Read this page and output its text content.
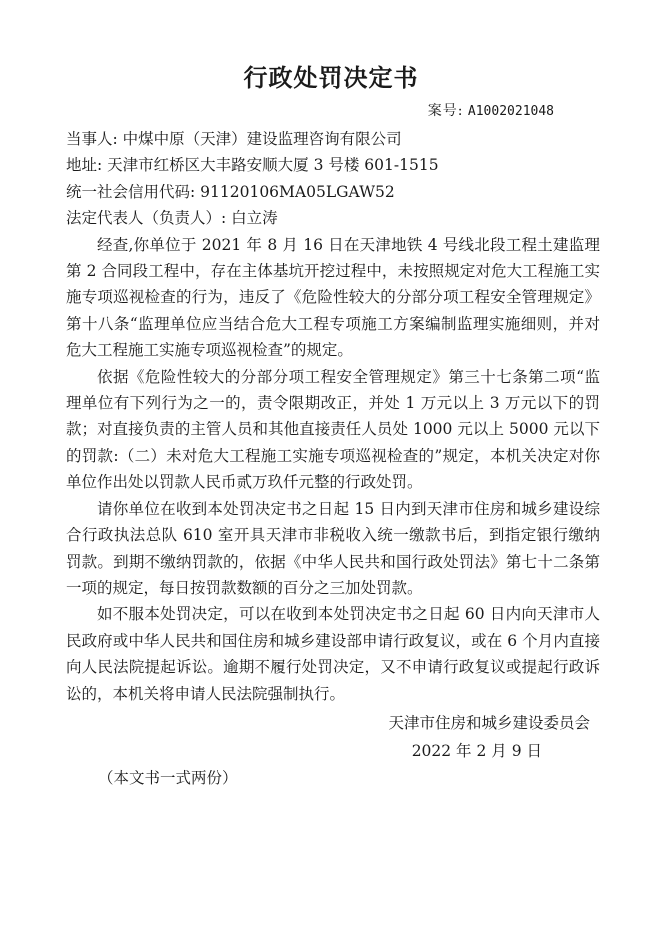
行政处罚决定书
案号: A1002021048
当事人: 中煤中原（天津）建设监理咨询有限公司
地址: 天津市红桥区大丰路安顺大厦 3 号楼 601-1515
统一社会信用代码: 91120106MA05LGAW52
法定代表人（负责人）: 白立涛
经查,你单位于 2021 年 8 月 16 日在天津地铁 4 号线北段工程土建监理第 2 合同段工程中，存在主体基坑开挖过程中，未按照规定对危大工程施工实施专项巡视检查的行为，违反了《危险性较大的分部分项工程安全管理规定》第十八条“监理单位应当结合危大工程专项施工方案编制监理实施细则，并对危大工程施工实施专项巡视检查”的规定。
依据《危险性较大的分部分项工程安全管理规定》第三十七条第二项“监理单位有下列行为之一的，责令限期改正，并处 1 万元以上 3 万元以下的罚款；对直接负责的主管人员和其他直接责任人员处 1000 元以上 5000 元以下的罚款:（二）未对危大工程施工实施专项巡视检查的”规定，本机关决定对你单位作出处以罚款人民币贰万玖仟元整的行政处罚。
请你单位在收到本处罚决定书之日起 15 日内到天津市住房和城乡建设综合行政执法总队 610 室开具天津市非税收入统一缴款书后，到指定银行缴纳罚款。到期不缴纳罚款的，依据《中华人民共和国行政处罚法》第七十二条第一项的规定，每日按罚款数额的百分之三加处罚款。
如不服本处罚决定，可以在收到本处罚决定书之日起 60 日内向天津市人民政府或中华人民共和国住房和城乡建设部申请行政复议，或在 6 个月内直接向人民法院提起诉讼。逾期不履行处罚决定，又不申请行政复议或提起行政诉讼的，本机关将申请人民法院强制执行。
天津市住房和城乡建设委员会
2022 年 2 月 9 日
（本文书一式两份）
